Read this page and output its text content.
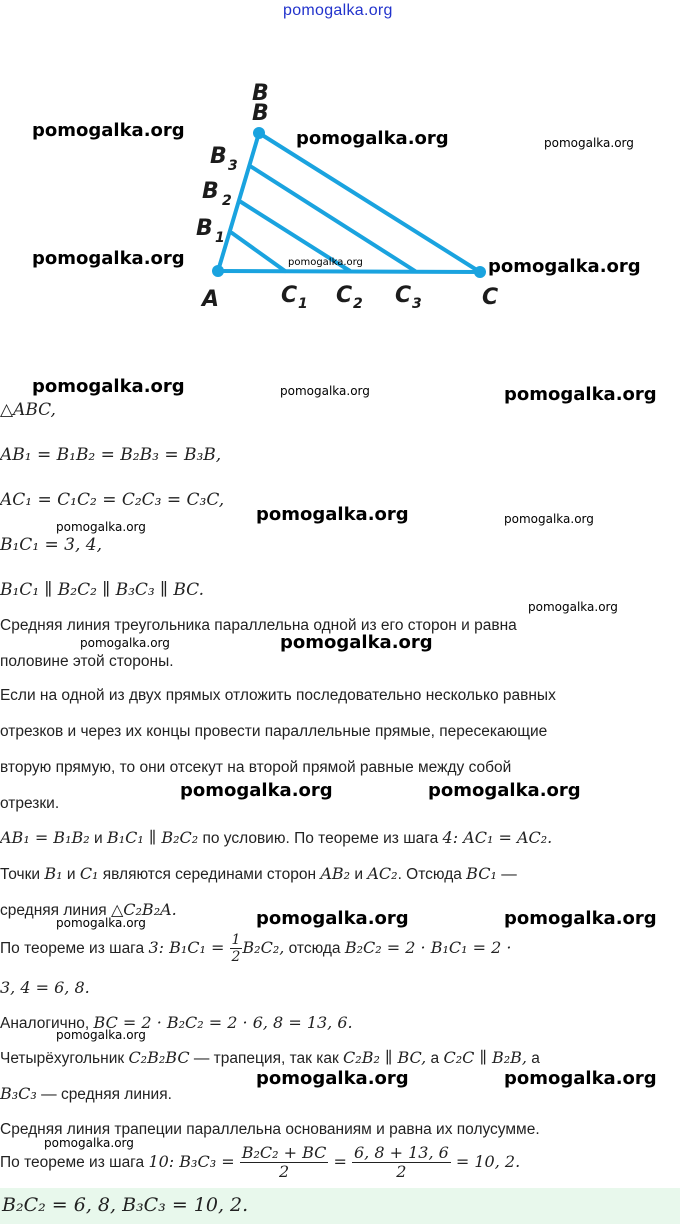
pomogalka.org
B
B
B 3
B 2
B 1
A	C 1 C 2 C 3	C
pomogalka.org	pomogalka.org	pomogalka.org
pomogalka.org	pomogalka.org	pomogalka.org
pomogalka.org	pomogalka.org	pomogalka.org
pomogalka.org
pomogalka.org	pomogalka.org
pomogalka.org
pomogalka.org	pomogalka.org
pomogalka.org	pomogalka.org
pomogalka.org	pomogalka.org	pomogalka.org
pomogalka.org
pomogalka.org	pomogalka.org
pomogalka.org
△ABC,
AB₁ = B₁B₂ = B₂B₃ = B₃B,
AC₁ = C₁C₂ = C₂C₃ = C₃C,
B₁C₁ = 3, 4,
B₁C₁ ∥ B₂C₂ ∥ B₃C₃ ∥ BC.
Средняя линия треугольника параллельна одной из его сторон и равна
половине этой стороны.
Если на одной из двух прямых отложить последовательно несколько равных
отрезков и через их концы провести параллельные прямые, пересекающие
вторую прямую, то они отсекут на второй прямой равные между собой
отрезки.
AB₁ = B₁B₂ и B₁C₁ ∥ B₂C₂ по условию. По теореме из шага 4: AC₁ = AC₂.
Точки B₁ и C₁ являются серединами сторон AB₂ и AC₂. Отсюда BC₁ —
средняя линия △C₂B₂A.
По теореме из шага 3: $B_1C_1 = \frac{1}{2} B_2C_2$, отсюда B₂C₂ = 2 · B₁C₁ = 2 ·
3, 4 = 6, 8.
Аналогично, BC = 2 · B₂C₂ = 2 · 6, 8 = 13, 6.
Четырёхугольник C₂B₂BC — трапеция, так как C₂B₂ ∥ BC, а C₂C ∥ B₂B, а
B₃C₃ — средняя линия.
Средняя линия трапеции параллельна основаниям и равна их полусумме.
По теореме из шага 10: $B_3C_3 = \frac{\text{B₂C₂ + BC}}{2} = \frac{6, 8 + 13, 6}{2} = 10$, 2.
B₂C₂ = 6, 8, B₃C₃ = 10, 2.
